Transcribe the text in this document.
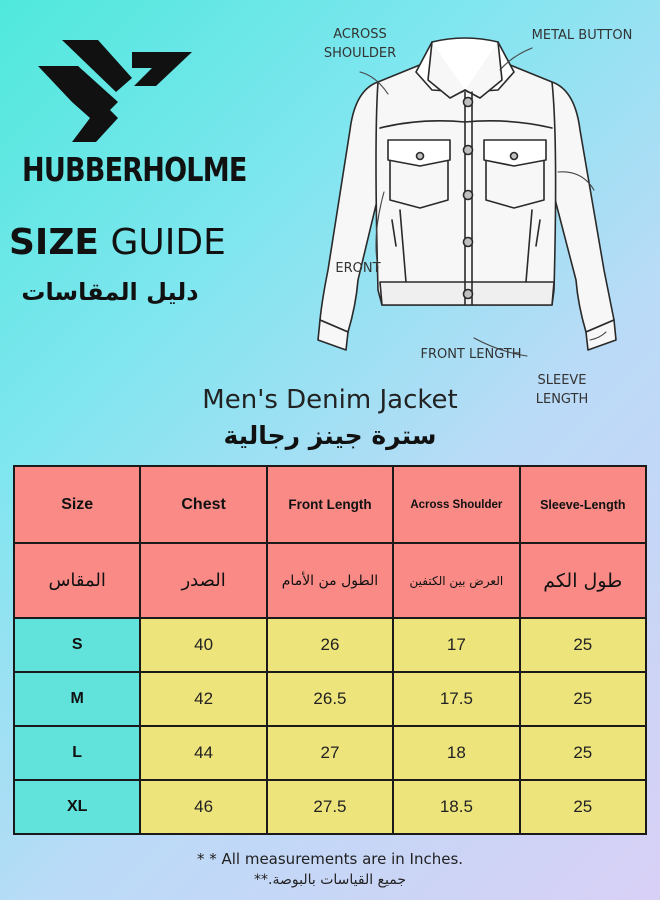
HUBBERHOLME
SIZE GUIDE
دليل المقاسات
ACROSS
SHOULDER
METAL BUTTON
ERONT
FRONT LENGTH
SLEEVE
LENGTH
Men's Denim Jacket
سترة جينز رجالية
Size	Chest	Front Length	Across Shoulder	Sleeve-Length
المقاس	الصدر	الطول من الأمام	العرض بين الكتفين	طول الكم
S	40	26	17	25
M	42	26.5	17.5	25
L	44	27	18	25
XL	46	27.5	18.5	25
* * All measurements are in Inches.
جميع القياسات بالبوصة.**
